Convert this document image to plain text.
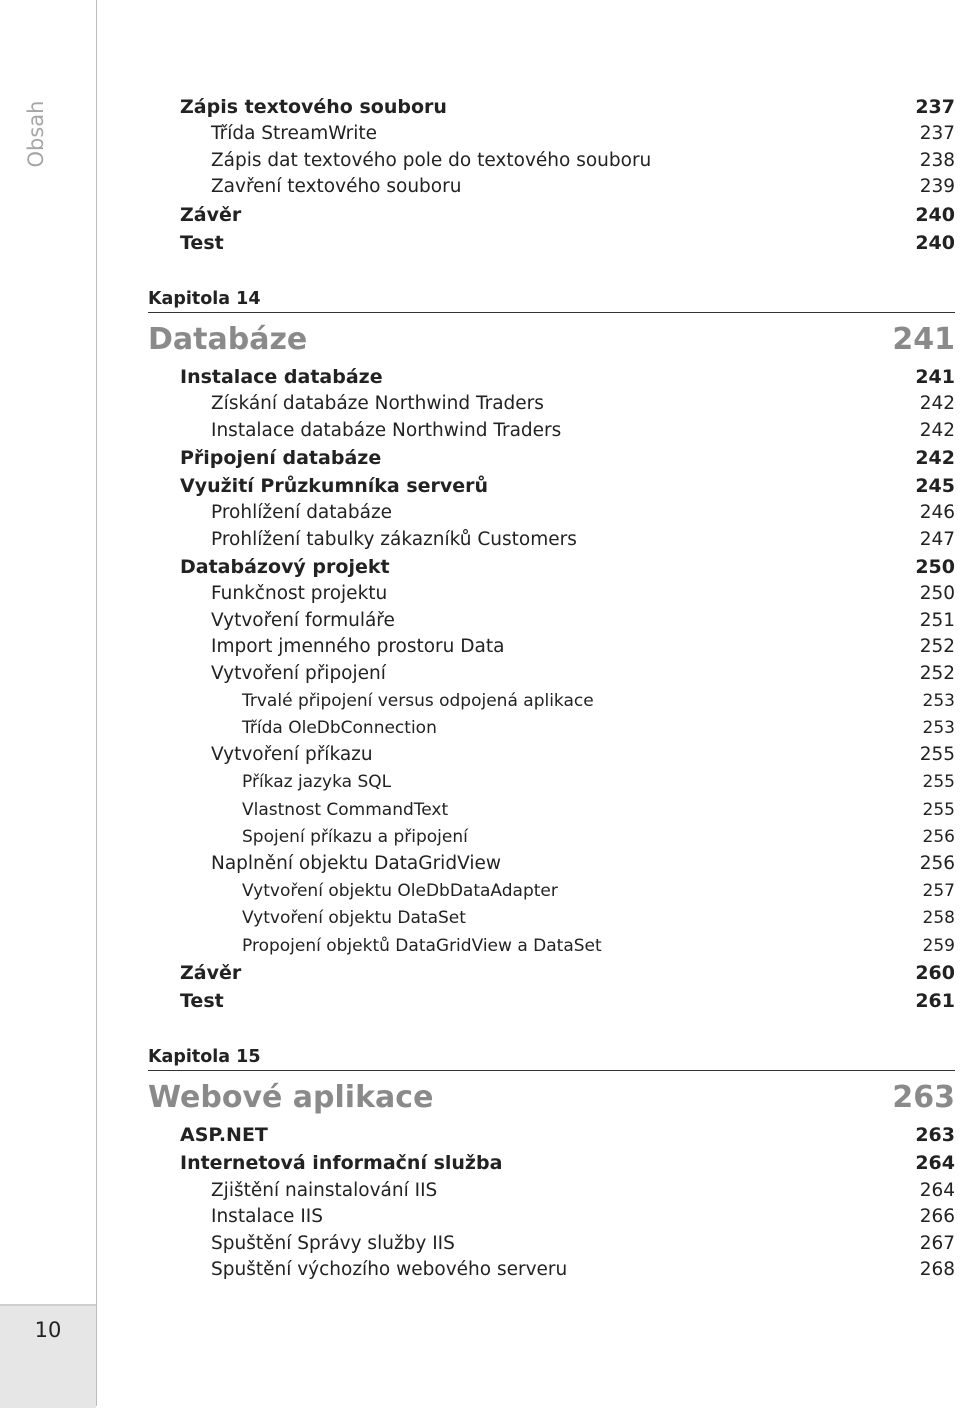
Obsah
10
Zápis textového souboru	237
Třída StreamWrite	237
Zápis dat textového pole do textového souboru	238
Zavření textového souboru	239
Závěr	240
Test	240
Kapitola 14
Databáze	241
Instalace databáze	241
Získání databáze Northwind Traders	242
Instalace databáze Northwind Traders	242
Připojení databáze	242
Využití Průzkumníka serverů	245
Prohlížení databáze	246
Prohlížení tabulky zákazníků Customers	247
Databázový projekt	250
Funkčnost projektu	250
Vytvoření formuláře	251
Import jmenného prostoru Data	252
Vytvoření připojení	252
Trvalé připojení versus odpojená aplikace	253
Třída OleDbConnection	253
Vytvoření příkazu	255
Příkaz jazyka SQL	255
Vlastnost CommandText	255
Spojení příkazu a připojení	256
Naplnění objektu DataGridView	256
Vytvoření objektu OleDbDataAdapter	257
Vytvoření objektu DataSet	258
Propojení objektů DataGridView a DataSet	259
Závěr	260
Test	261
Kapitola 15
Webové aplikace	263
ASP.NET	263
Internetová informační služba	264
Zjištění nainstalování IIS	264
Instalace IIS	266
Spuštění Správy služby IIS	267
Spuštění výchozího webového serveru	268
